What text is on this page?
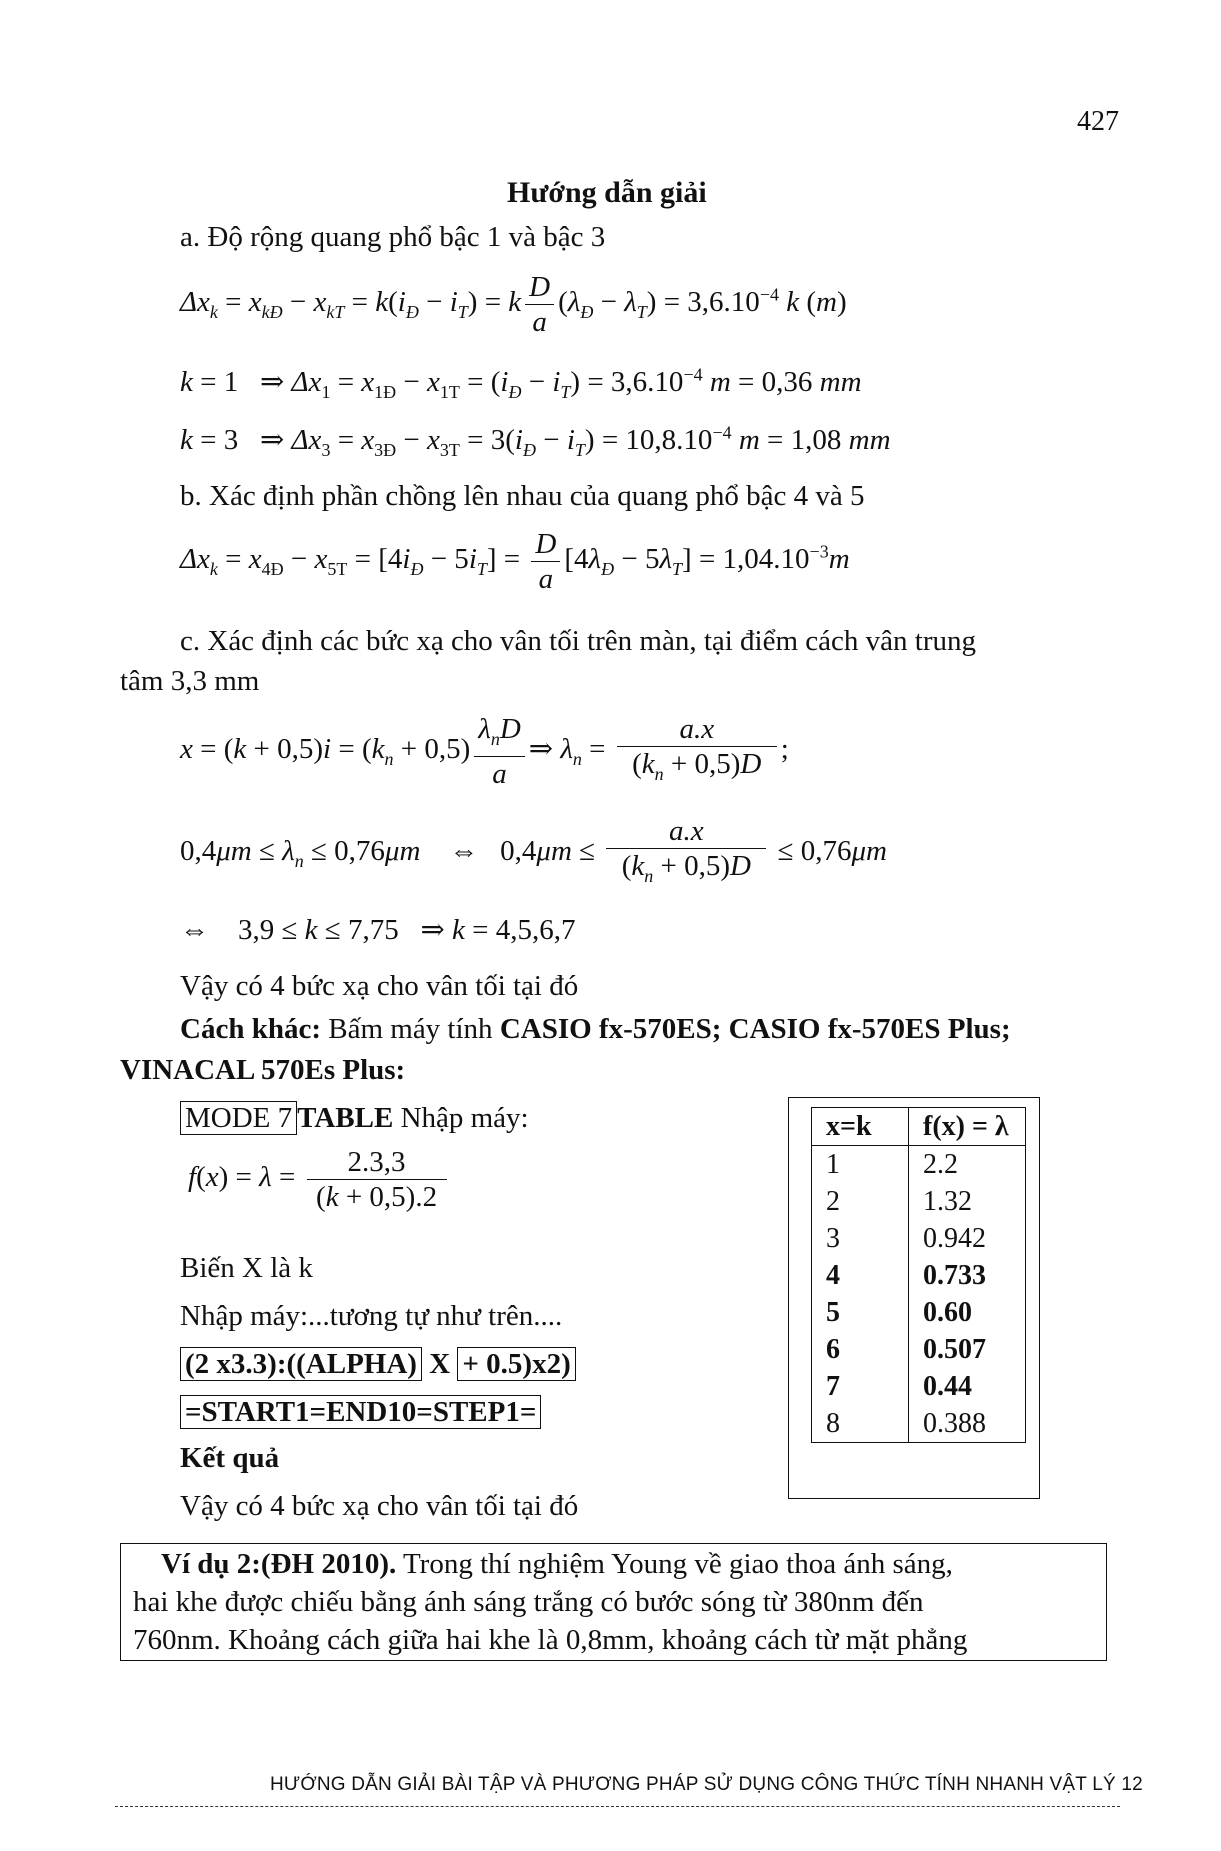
427
Hướng dẫn giải
a. Độ rộng quang phổ bậc 1 và bậc 3
$\Delta x_k = x_{kĐ} - x_{kT} = k(i_Đ - i_T) = k \frac{D}{a} (\lambda_Đ - \lambda_T) = 3,6.10^{-4}$ k (m)
k = 1   ⇒ $\Delta x_1 = x_{1Đ} - x_{1T} = (i_Đ - i_T) = 3,6.10^{-4}$ m = 0,36 mm
k = 3   ⇒ $\Delta x_3 = x_{3Đ} - x_{3T} = 3(i_Đ - i_T) = 10,8.10^{-4}$ m = 1,08 mm
b. Xác định phần chồng lên nhau của quang phổ bậc 4 và 5
$\Delta x_k = x_{4Đ} - x_{5T} = [4i_Đ - 5i_T] = \frac{D}{a} [4\lambda_Đ - 5\lambda_T] = 1,04.10^{-3}m$
c. Xác định các bức xạ cho vân tối trên màn, tại điểm cách vân trung
tâm 3,3 mm
$x = (k + 0,5)i = (k_n + 0,5) \frac{\lambda_nD}{a}$ ⇒ $\lambda_n = \frac{a.x}{(k_n + 0,5)D}$ ;
$0,4\mu m \le \lambda_n \le 0,76\mu m$    ⇔   $0,4\mu m \le \frac{a.x}{(k_n + 0,5)D} \le 0,76\mu m$
⇔    3,9 ≤ k ≤ 7,75   ⇒ k = 4,5,6,7
Vậy có 4 bức xạ cho vân tối tại đó
Cách khác: Bấm máy tính CASIO fx-570ES; CASIO fx-570ES Plus;
VINACAL 570Es Plus:
MODE 7 TABLE Nhập máy:
$f(x) = \lambda = \frac{2.3,3}{(k + 0,5).2}$
Biến X là k
Nhập máy:...tương tự như trên....
(2 x3.3):((ALPHA) X + 0.5)x2)
=START1=END10=STEP1=
Kết quả
Vậy có 4 bức xạ cho vân tối tại đó
x=k	f(x) = λ
1	2.2
2	1.32
3	0.942
4	0.733
5	0.60
6	0.507
7	0.44
8	0.388
Ví dụ 2:(ĐH 2010). Trong thí nghiệm Young về giao thoa ánh sáng,
hai khe được chiếu bằng ánh sáng trắng có bước sóng từ 380nm đến
760nm. Khoảng cách giữa hai khe là 0,8mm, khoảng cách từ mặt phẳng
HƯỚNG DẪN GIẢI BÀI TẬP VÀ PHƯƠNG PHÁP SỬ DỤNG CÔNG THỨC TÍNH NHANH VẬT LÝ 12
